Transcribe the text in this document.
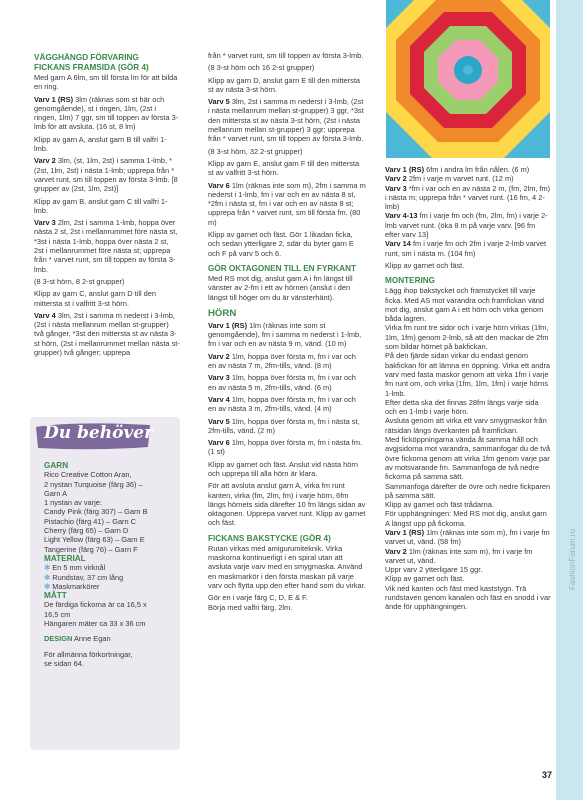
VÄGGHÄNGD FÖRVARING

FICKANS FRAMSIDA (GÖR 4)

Med garn A 6lm, sm till första lm för att bilda en ring.

Varv 1 (RS) 3lm (räknas som st här och genomgående), st i ringen, 1lm, (2st i ringen, 1lm) 7 ggr, sm till toppen av första 3-lmb för att avsluta. (16 st, 8 lm)

Klipp av garn A, anslut garn B till valfri 1-lmb.

Varv 2 3lm, (st, 1lm, 2st) i samma 1-lmb, *(2st, 1lm, 2st) i nästa 1-lmb; upprepa från * varvet runt, sm till toppen av första 3-lmb. [8 grupper av (2st, 1lm, 2st)]

Klipp av garn B, anslut garn C till valfri 1-lmb.

Varv 3 2lm, 2st i samma 1-lmb, hoppa över nästa 2 st, 2st i mellanrummet före nästa st, *3st i nästa 1-lmb, hoppa över nästa 2 st, 2st i mellanrummet före nästa st; upprepa från * varvet runt, sm till toppen av första 3-lmb.

(8 3-st hörn, 8 2-st grupper)

Klipp av garn C, anslut garn D till den mittersta st i valfritt 3-st hörn.

Varv 4 3lm, 2st i samma m nederst i 3-lmb, (2st i nästa mellanrum mellan st-grupper) två gånger, *3st den mittersta st av nästa 3-st hörn, (2st i mellanrummet mellan nästa st-grupper) två gånger; upprepa

Du behöver

GARN

Rico Creative Cotton Aran,

2 nystan Turquoise (färg 36) –

Garn A

1 nystan av varje:

Candy Pink (färg 307) – Garn B

Pistachio (färg 41) – Garn C

Cherry (färg 65) – Garn D

Light Yellow (färg 63) – Garn E

Tangerine (färg 76) – Garn F

MATERIAL

✻ En 5 mm virknål

✻ Rundstav, 37 cm lång

✻ Maskmarkörer

MÅTT

De färdiga fickorna är ca 16,5 x

16,5 cm

Hängaren mäter ca 33 x 36 cm

DESIGN Anne Egan

För allmänna förkortningar,

se sidan 64.

från * varvet runt, sm till toppen av första 3-lmb.

(8 3-st hörn och 16 2-st grupper)

Klipp av garn D, anslut garn E till den mittersta st av nästa 3-st hörn.

Varv 5 3lm, 2st i samma m nederst i 3-lmb, (2st i nästa mellanrum mellan st-grupper) 3 ggr, *3st den mittersta st av nästa 3-st hörn, (2st i nästa mellanrum mellan st-grupper) 3 ggr; upprepa från * varvet runt, sm till toppen av första 3-lmb.

(8 3-st hörn, 32 2-st grupper)

Klipp av garn E, anslut garn F till den mittersta st av valfritt 3-st hörn.

Varv 6 1lm (räknas inte som m), 2fm i samma m nederst i 1-lmb, fm i var och en av nästa 8 st, *2fm i nästa st, fm i var och en av nästa 8 st; upprepa från * varvet runt, sm till första fm. (80 m)

Klipp av garnet och fäst. Gör 1 likadan ficka, och sedan ytterligare 2, sdär du byter garn E och F på varv 5 och 6.

GÖR OKTAGONEN TILL EN FYRKANT

Med RS mot dig, anslut garn A i fm längst till vänster av 2-fm i ett av hörnen (anslut i den längst till höger om du är vänsterhänt).

HÖRN

Varv 1 (RS) 1lm (räknas inte som st genomgående), fm i samma m nederst i 1-lmb, fm i var och en av nästa 9 m, vänd. (10 m)

Varv 2 1lm, hoppa över första m, fm i var och en av nästa 7 m, 2fm-tills, vänd. (8 m)

Varv 3 1lm, hoppa över första m, fm i var och en av nästa 5 m, 2fm-tills, vänd. (6 m)

Varv 4 1lm, hoppa över första m, fm i var och en av nästa 3 m, 2fm-tills, vänd. (4 m)

Varv 5 1lm, hoppa över första m, fm i nästa st, 2fm-tills, vänd. (2 m)

Varv 6 1lm, hoppa över första m, fm i nästa fm. (1 st)

Klipp av garnet och fäst. Anslut vid nästa hörn och upprepa till alla hörn är klara.

För att avsluta anslut garn A, virka fm runt kanten, virka (fm, 2lm, fm) i varje hörn, 6fm längs hörnets sida därefter 10 fm längs sidan av oktagonen. Upprepa varvet runt. Klipp av garnet och fäst.

FICKANS BAKSTYCKE (GÖR 4)

Rutan virkas med amigurumiteknik. Virka maskorna kontinuerligt i en spiral utan att avsluta varje varv med en smygmaska. Använd en maskmarkör i den första maskan på varje varv och flytta upp den efter hand som du virkar.

Gör en i varje färg C, D, E & F.

Börja med valfri färg, 2lm.

Varv 1 (RS) 6fm i andra lm från nålen. (6 m)

Varv 2 2fm i varje m varvet runt. (12 m)

Varv 3 *fm i var och en av nästa 2 m, (fm, 2lm, fm) i nästa m; upprepa från * varvet runt. (16 fm, 4 2-lmb)

Varv 4-13 fm i varje fm och (fm, 2lm, fm) i varje 2-lmb varvet runt. (öka 8 m på varje varv. [96 fm efter varv 13]

Varv 14 fm i varje fm och 2fm i varje 2-lmb varvet runt, sm i nästa m. (104 fm)

Klipp av garnet och fäst.

MONTERING

Lägg ihop bakstycket och framstycket till varje ficka. Med AS mot varandra och framfickan vänd mot dig, anslut garn A i ett hörn och virka genom båda lagren.

Virka fm runt tre sidor och i varje hörn virkas (1fm, 1lm, 1fm) genom 2-lmb, så att den mackar de 2fm som bildar hörnet på bakfickan.

På den fjärde sidan virkar du endast genom bakfickan för att lämna en öppning. Virka ett andra varv med fasta maskor genom att virka 1fm i varje fm runt om, och virka (1fm, 1lm, 1fm) i varje hörns 1-lmb.

Efter detta ska det finnas 28fm längs varje sida och en 1-lmb i varje hörn.

Avsluta genom att virka ett varv smygmaskor från rätsidan längs överkanten på framfickan.

Med ficköppningarna vända åt samma håll och avgjsidorna mot varandra, sammanfogar du de två övre fickorna genom att virka 1fm genom varje par av motsvarande fm. Sammanfoga de två nedre fickorna på samma sätt.

Sammanfoga därefter de övre och nedre fickparen på samma sätt.

Klipp av garnet och fäst trådarna.

För upphängningen: Med RS mot dig, anslut garn A längst upp på fickorna.

Varv 1 (RS) 1lm (räknas inte som m), fm i varje fm varvet ut, vänd. (58 fm)

Varv 2 1lm (räknas inte som m), fm i varje fm varvet ut, vänd.

Uppr varv 2 ytterligare 15 ggr.

Klipp av garnet och fäst.

Vik ned kanten och fäst med kaststygn. Trä rundstaven genom kanalen och fäst en snodd i var ände för upphängningen.

37
FashionForum.ru
